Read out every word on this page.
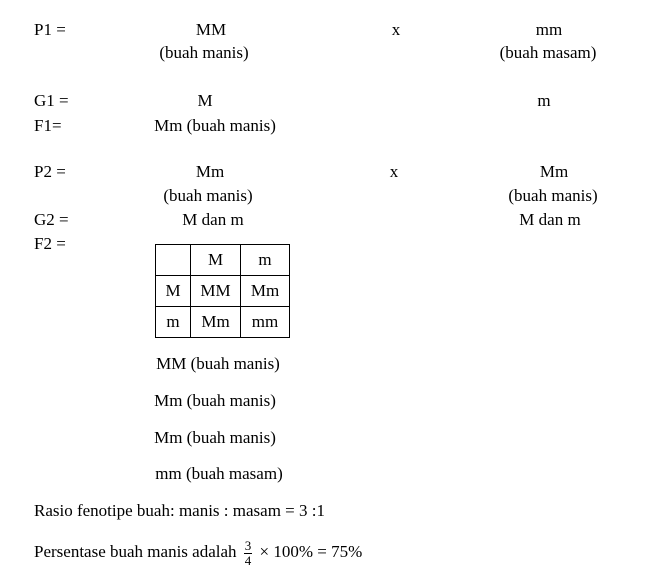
P1 =	MM
(buah manis)
x	mm
(buah masam)
G1 =	M	m
F1=	Mm (buah manis)
P2 =	Mm
(buah manis)
x	Mm
(buah manis)
G2 =	M dan m	M dan m
F2 =
	M	m
M	MM	Mm
m	Mm	mm
MM (buah manis)
Mm (buah manis)
Mm (buah manis)
mm (buah masam)
Rasio fenotipe buah: manis : masam = 3 :1
Persentase buah manis adalah $\frac{3}{4} \times 100\% = 75\%$
